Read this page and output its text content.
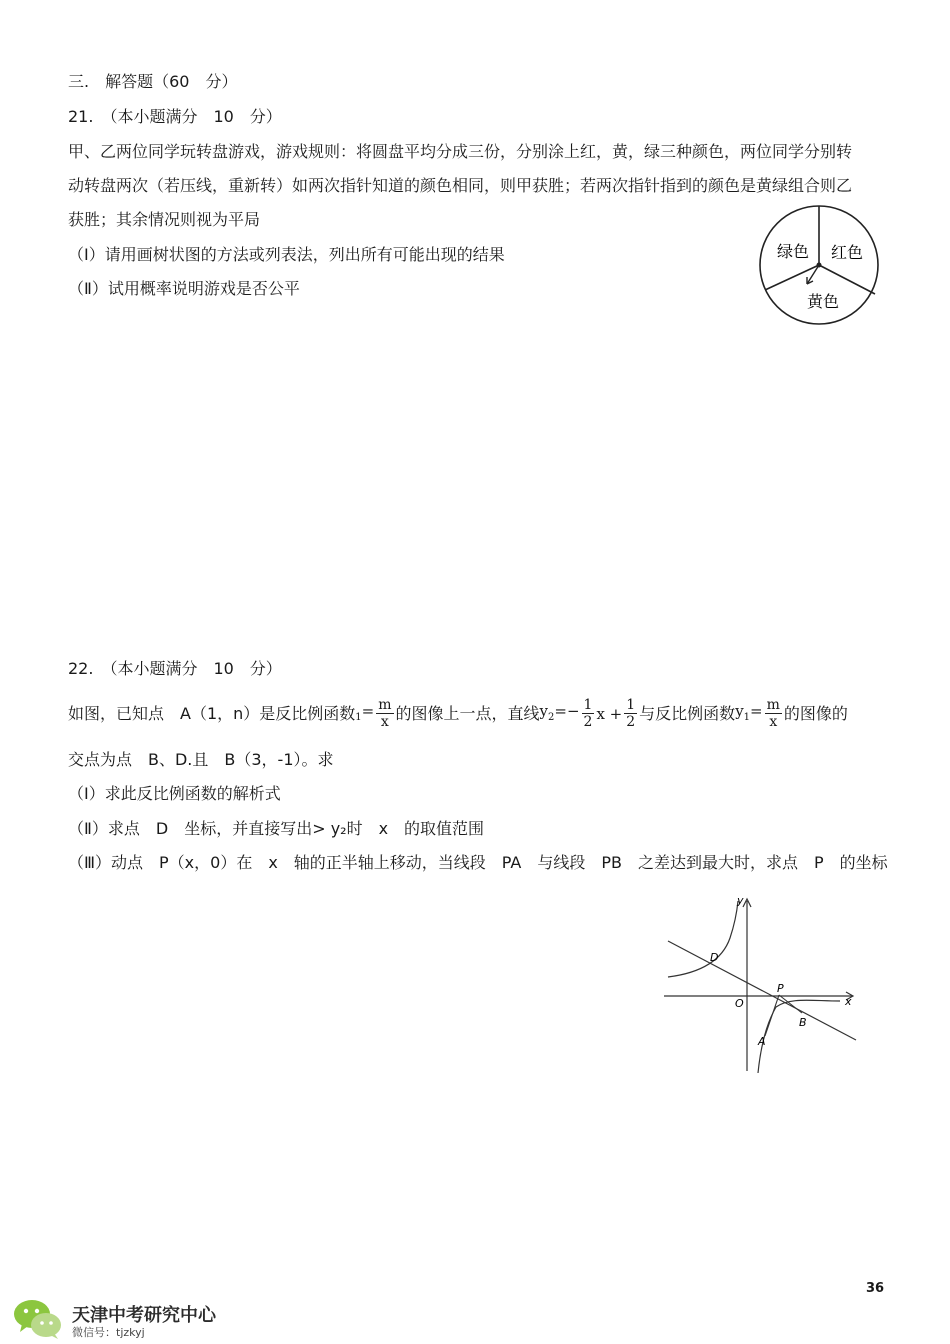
三.　解答题（60　分）
21.　（本小题满分　10　分）
甲、乙两位同学玩转盘游戏，游戏规则：将圆盘平均分成三份，分别涂上红，黄，绿三种颜色，两位同学分别转
动转盘两次（若压线，重新转）如两次指针知道的颜色相同，则甲获胜；若两次指针指到的颜色是黄绿组合则乙
获胜；其余情况则视为平局
（Ⅰ）请用画树状图的方法或列表法，列出所有可能出现的结果
（Ⅱ）试用概率说明游戏是否公平
绿色 红色
黄色
22.　（本小题满分　10　分）
如图，已知点　A（1，n）是反比例函数 $_1= \frac{m}{x}$ 的图像上一点，直线 $y_2=- \frac{1}{2}$ $x + \frac{1}{2}$ 与反比例函数 $y_1= \frac{m}{x}$ 的图像的
交点为点　B、D.且　B（3，-1）。求
（Ⅰ）求此反比例函数的解析式
（Ⅱ）求点　D　坐标，并直接写出> y₂时　x　的取值范围
（Ⅲ）动点　P（x，0）在　x　轴的正半轴上移动，当线段　PA　与线段　PB　之差达到最大时，求点　P　的坐标
y
x
O
D
P
B
A
36
天津中考研究中心
微信号：tjzkyj
